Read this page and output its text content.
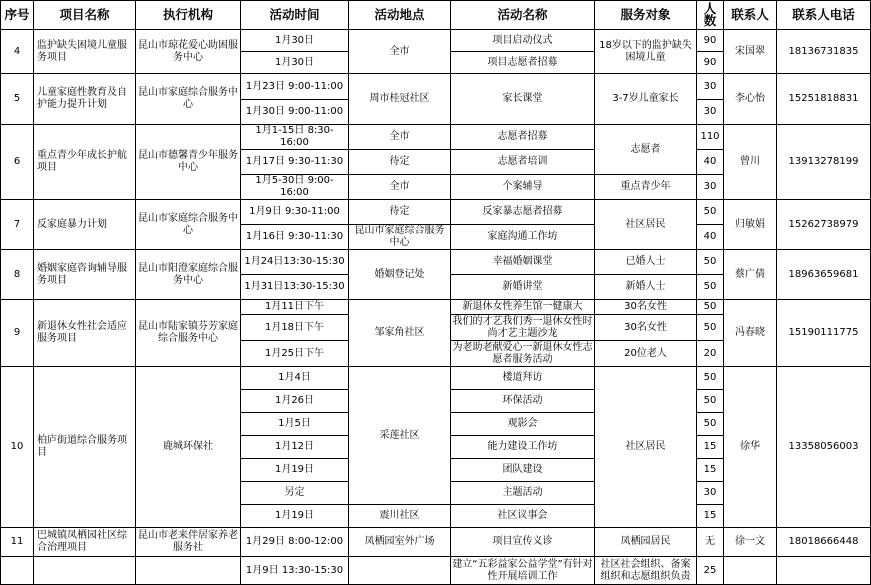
序号	项目名称	执行机构	活动时间	活动地点	活动名称	服务对象	人数	联系人	联系人电话
4	监护缺失困境儿童服务项目	昆山市琼花爱心助困服务中心	1月30日	全市	项目启动仪式	18岁以下的监护缺失困境儿童	90	宋国翠	18136731835
			1月30日		项目志愿者招募		90		
5	儿童家庭性教育及自护能力提升计划	昆山市家庭综合服务中心	1月23日 9:00-11:00	周市桂冠社区	家长课堂	3-7岁儿童家长	30	李心怡	15251818831
			1月30日 9:00-11:00				30		
6	重点青少年成长护航项目	昆山市德馨青少年服务中心	1月1-15日 8:30-16:00	全市	志愿者招募	志愿者	110	曾川	13913278199
			1月17日 9:30-11:30	待定	志愿者培训		40		
			1月5-30日 9:00-16:00	全市	个案辅导	重点青少年	30		
7	反家庭暴力计划	昆山市家庭综合服务中心	1月9日 9:30-11:00	待定	反家暴志愿者招募	社区居民	50	归敏娟	15262738979
			1月16日 9:30-11:30	昆山市家庭综合服务中心	家庭沟通工作坊		40		
8	婚姻家庭咨询辅导服务项目	昆山市阳澄家庭综合服务中心	1月24日13:30-15:30	婚姻登记处	幸福婚姻课堂	已婚人士	50	蔡广倩	18963659681
			1月31日13:30-15:30		新婚讲堂	新婚人士	50		
9	新退休女性社会适应服务项目	昆山市陆家镇芬芳家庭综合服务中心	1月11日下午	邹家角社区	新退休女性养生馆一健康大	30名女性	50	冯春晓	15190111775
			1月18日下午		我们的才艺我们秀一退休女性时尚才艺主题沙龙	30名女性	50		
			1月25日下午		为老助老献爱心一新退休女性志愿者服务活动	20位老人	20		
10	柏庐街道综合服务项目	鹿城环保社	1月4日	采莲社区	楼道拜访	社区居民	50	徐华	13358056003
			1月26日		环保活动		50		
			1月5日		观影会		50		
			1月12日		能力建设工作坊		15		
			1月19日		团队建设		15		
			另定		主题活动		30		
			1月19日	震川社区	社区议事会		15		
11	巴城镇凤栖园社区综合治理项目	昆山市老来伴居家养老服务社	1月29日 8:00-12:00	凤栖园室外广场	项目宣传义诊	凤栖园居民	无	徐一文	18018666448
			1月9日 13:30-15:30		建立“五彩益家公益学堂”有针对性开展培训工作	社区社会组织、备案组织和志愿组织负责	25		
